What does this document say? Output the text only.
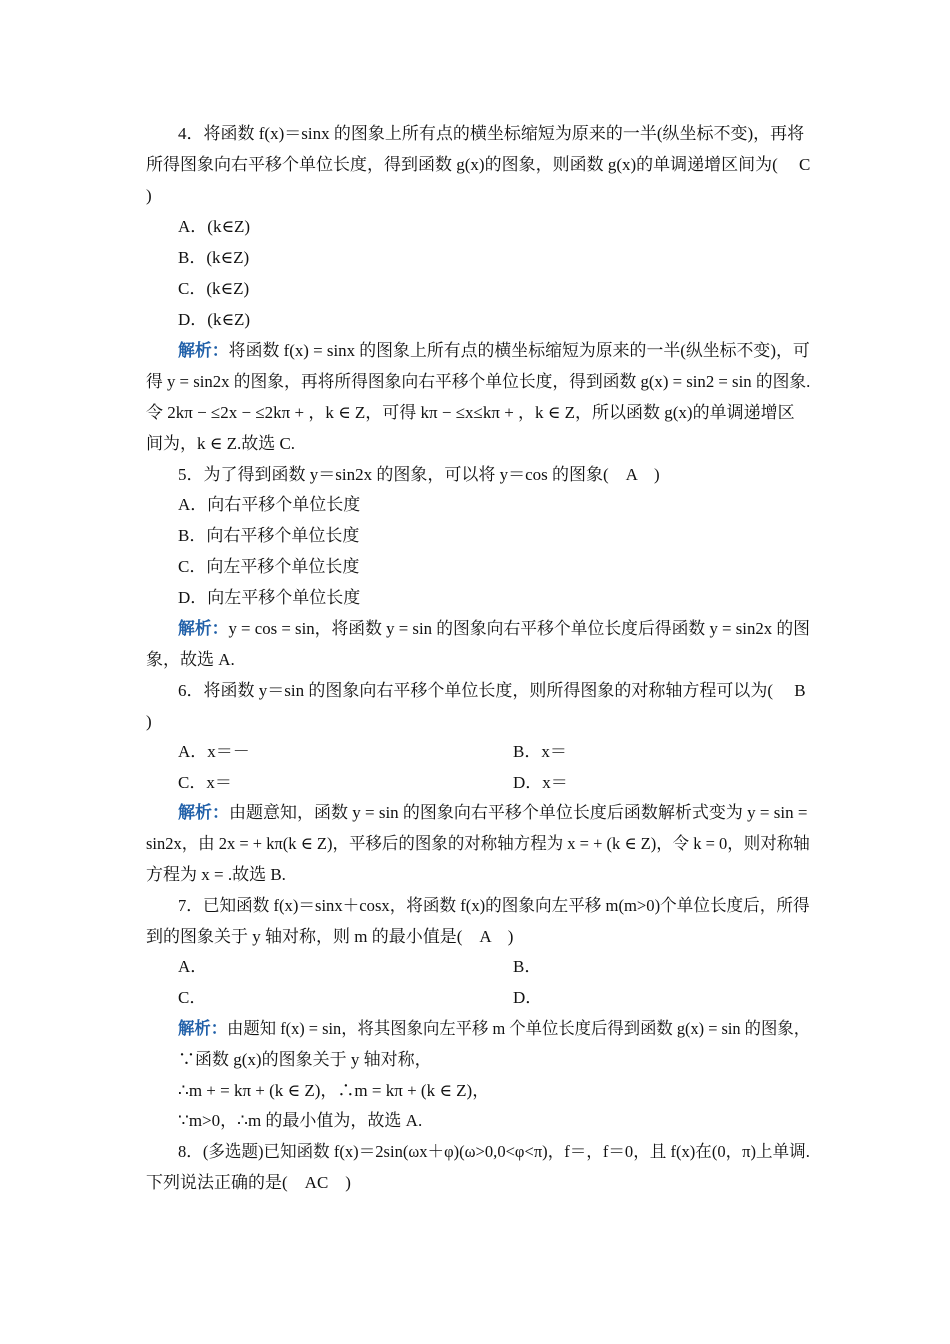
4．将函数 f(x)＝sinx 的图象上所有点的横坐标缩短为原来的一半(纵坐标不变)，再将
所得图象向右平移个单位长度，得到函数 g(x)的图象，则函数 g(x)的单调递增区间为(　 C
)
A．(k∈Z)
B．(k∈Z)
C．(k∈Z)
D．(k∈Z)
解析：将函数 f(x) = sinx 的图象上所有点的横坐标缩短为原来的一半(纵坐标不变)，可
得 y = sin2x 的图象，再将所得图象向右平移个单位长度，得到函数 g(x) = sin2 = sin 的图象.
令 2kπ − ≤2x − ≤2kπ + ，k ∈ Z，可得 kπ − ≤x≤kπ + ，k ∈ Z，所以函数 g(x)的单调递增区
间为，k ∈ Z.故选 C.
5．为了得到函数 y＝sin2x 的图象，可以将 y＝cos 的图象(　A　)
A．向右平移个单位长度
B．向右平移个单位长度
C．向左平移个单位长度
D．向左平移个单位长度
解析：y = cos = sin，将函数 y = sin 的图象向右平移个单位长度后得函数 y = sin2x 的图
象，故选 A.
6．将函数 y＝sin 的图象向右平移个单位长度，则所得图象的对称轴方程可以为(　 B
)
A．x＝－	B．x＝
C．x＝	D．x＝
解析：由题意知，函数 y = sin 的图象向右平移个单位长度后函数解析式变为 y = sin =
sin2x，由 2x = + kπ(k ∈ Z)，平移后的图象的对称轴方程为 x = + (k ∈ Z)，令 k = 0，则对称轴
方程为 x = .故选 B.
7．已知函数 f(x)＝sinx＋cosx，将函数 f(x)的图象向左平移 m(m>0)个单位长度后，所得
到的图象关于 y 轴对称，则 m 的最小值是(　A　)
A．	B．
C．	D．
解析：由题知 f(x) = sin，将其图象向左平移 m 个单位长度后得到函数 g(x) = sin 的图象，
∵函数 g(x)的图象关于 y 轴对称，
∴m + = kπ + (k ∈ Z)，∴m = kπ + (k ∈ Z)，
∵m>0，∴m 的最小值为，故选 A.
8．(多选题)已知函数 f(x)＝2sin(ωx＋φ)(ω>0,0<φ<π)，f＝，f＝0，且 f(x)在(0，π)上单调.
下列说法正确的是(　AC　)
